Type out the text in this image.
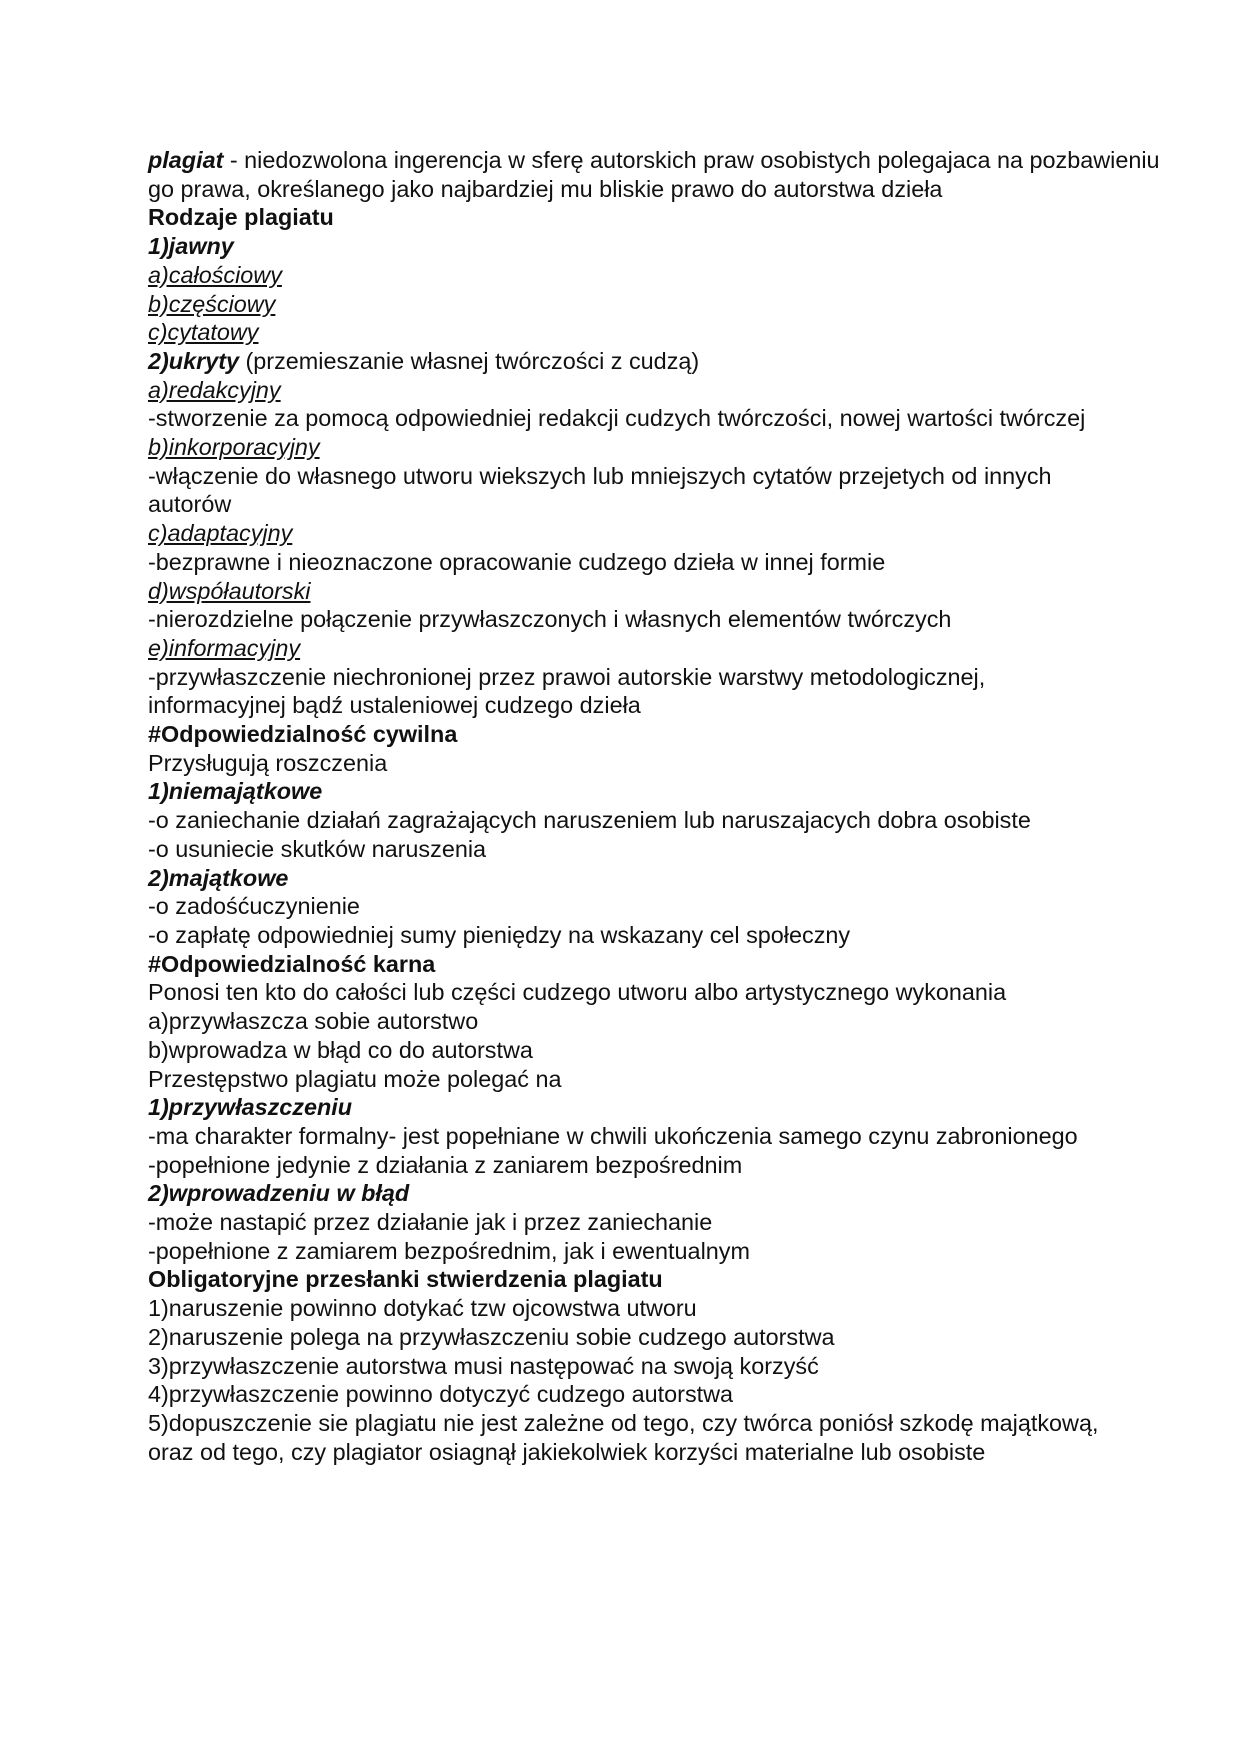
plagiat - niedozwolona ingerencja w sferę autorskich praw osobistych polegajaca na pozbawieniu
go prawa, określanego jako najbardziej mu bliskie prawo do autorstwa dzieła
Rodzaje plagiatu
1)jawny
a)całościowy
b)częściowy
c)cytatowy
2)ukryty (przemieszanie własnej twórczości z cudzą)
a)redakcyjny
-stworzenie za pomocą odpowiedniej redakcji cudzych twórczości, nowej wartości twórczej
b)inkorporacyjny
-włączenie do własnego utworu wiekszych lub mniejszych cytatów przejetych od innych autorów
c)adaptacyjny
-bezprawne i nieoznaczone opracowanie cudzego dzieła w innej formie
d)współautorski
-nierozdzielne połączenie przywłaszczonych i własnych elementów twórczych
e)informacyjny
-przywłaszczenie niechronionej przez prawoi autorskie warstwy metodologicznej, informacyjnej bądź ustaleniowej cudzego dzieła
#Odpowiedzialność cywilna
Przysługują roszczenia
1)niemajątkowe
-o zaniechanie działań zagrażających naruszeniem lub naruszajacych dobra osobiste
-o usuniecie skutków naruszenia
2)majątkowe
-o zadośćuczynienie
-o zapłatę odpowiedniej sumy pieniędzy na wskazany cel społeczny
#Odpowiedzialność karna
Ponosi ten kto do całości lub części cudzego utworu albo artystycznego wykonania
a)przywłaszcza sobie autorstwo
b)wprowadza w błąd co do autorstwa
Przestępstwo plagiatu może polegać na
1)przywłaszczeniu
-ma charakter formalny- jest popełniane w chwili ukończenia samego czynu zabronionego
-popełnione jedynie z działania z zaniarem bezpośrednim
2)wprowadzeniu w błąd
-może nastapić przez działanie jak i przez zaniechanie
-popełnione z zamiarem bezpośrednim, jak i ewentualnym
Obligatoryjne przesłanki stwierdzenia plagiatu
1)naruszenie powinno dotykać tzw ojcowstwa utworu
2)naruszenie polega na przywłaszczeniu sobie cudzego autorstwa
3)przywłaszczenie autorstwa musi następować na swoją korzyść
4)przywłaszczenie powinno dotyczyć cudzego autorstwa
5)dopuszczenie sie plagiatu nie jest zależne od tego, czy twórca poniósł szkodę majątkową, oraz od tego, czy plagiator osiagnął jakiekolwiek korzyści materialne lub osobiste
